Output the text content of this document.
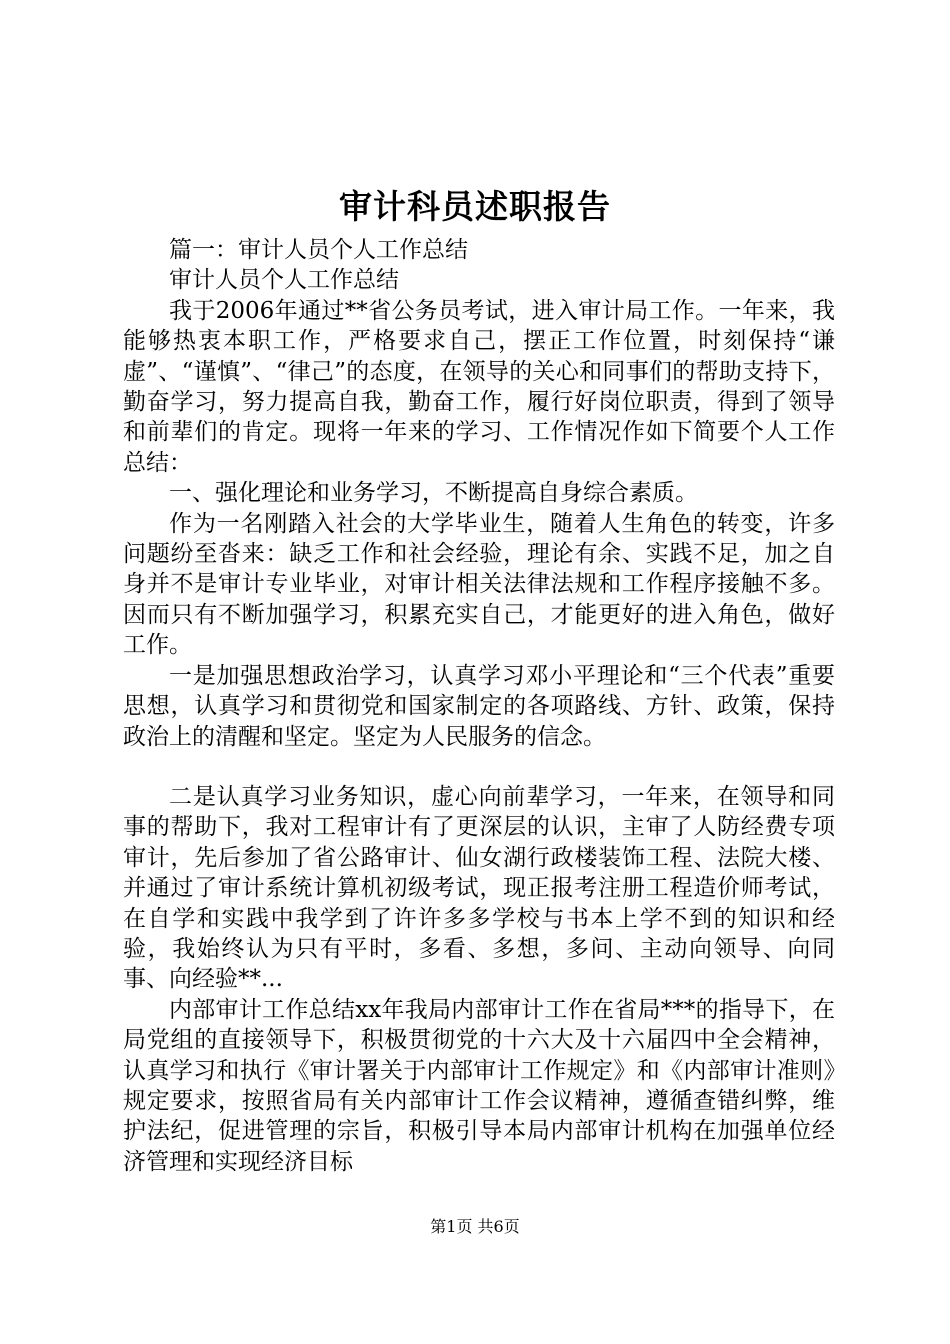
审计科员述职报告

篇一：审计人员个人工作总结

审计人员个人工作总结

我于2006年通过**省公务员考试，进入审计局工作。一年来，我能够热衷本职工作，严格要求自己，摆正工作位置，时刻保持“谦虚”、“谨慎”、“律己”的态度，在领导的关心和同事们的帮助支持下，勤奋学习，努力提高自我，勤奋工作，履行好岗位职责，得到了领导和前辈们的肯定。现将一年来的学习、工作情况作如下简要个人工作总结：

一、强化理论和业务学习，不断提高自身综合素质。

作为一名刚踏入社会的大学毕业生，随着人生角色的转变，许多问题纷至沓来：缺乏工作和社会经验，理论有余、实践不足，加之自身并不是审计专业毕业，对审计相关法律法规和工作程序接触不多。因而只有不断加强学习，积累充实自己，才能更好的进入角色，做好工作。

一是加强思想政治学习，认真学习邓小平理论和“三个代表”重要思想，认真学习和贯彻党和国家制定的各项路线、方针、政策，保持政治上的清醒和坚定。坚定为人民服务的信念。

二是认真学习业务知识，虚心向前辈学习，一年来，在领导和同事的帮助下，我对工程审计有了更深层的认识，主审了人防经费专项审计，先后参加了省公路审计、仙女湖行政楼装饰工程、法院大楼、并通过了审计系统计算机初级考试，现正报考注册工程造价师考试，在自学和实践中我学到了许许多多学校与书本上学不到的知识和经验，我始终认为只有平时，多看、多想，多问、主动向领导、向同事、向经验**...

内部审计工作总结xx年我局内部审计工作在省局***的指导下，在局党组的直接领导下，积极贯彻党的十六大及十六届四中全会精神，认真学习和执行《审计署关于内部审计工作规定》和《内部审计准则》规定要求，按照省局有关内部审计工作会议精神，遵循查错纠弊，维护法纪，促进管理的宗旨，积极引导本局内部审计机构在加强单位经济管理和实现经济目标

第1页 共6页
